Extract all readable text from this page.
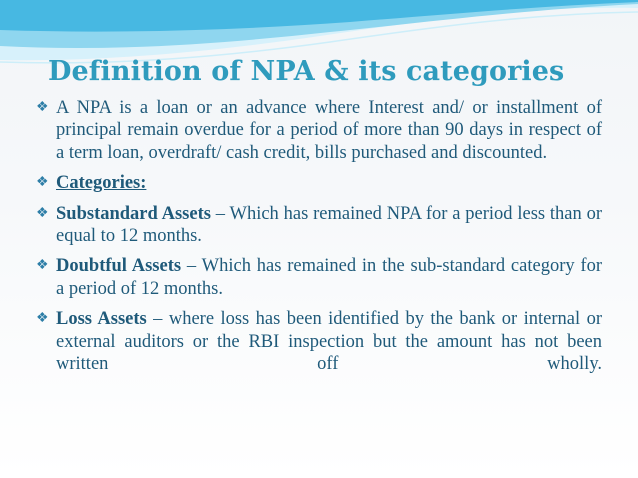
Definition of NPA & its categories

❖ A NPA is a loan or an advance where Interest and/ or installment of principal remain overdue for a period of more than 90 days in respect of a term loan, overdraft/ cash credit, bills purchased and discounted.

❖ Categories:

❖ Substandard Assets – Which has remained NPA for a period less than or equal to 12 months.

❖ Doubtful Assets – Which has remained in the sub-standard category for a period of 12 months.

❖ Loss Assets – where loss has been identified by the bank or internal or external auditors or the RBI inspection but the amount has not been written off wholly.
